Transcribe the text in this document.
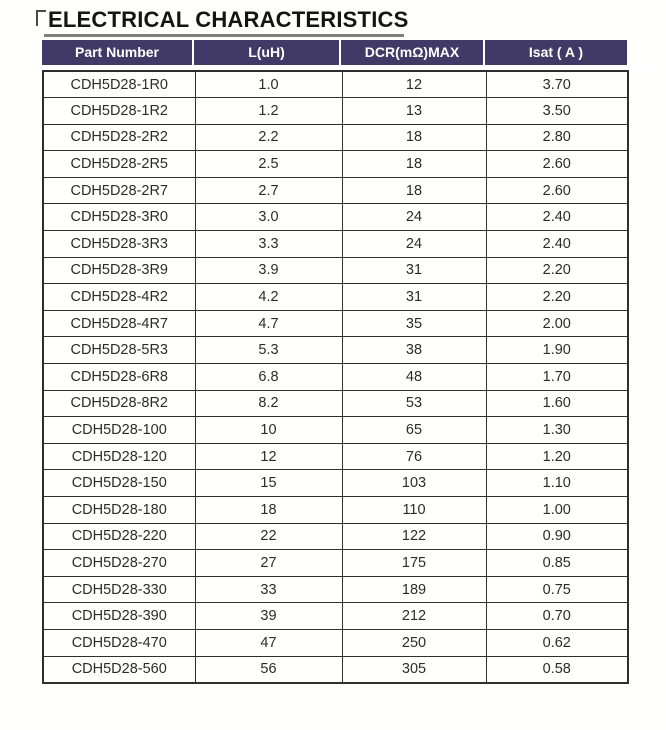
ELECTRICAL CHARACTERISTICS
Part Number	L(uH)	DCR(mΩ)MAX	Isat ( A )
CDH5D28-1R0	1.0	12	3.70
CDH5D28-1R2	1.2	13	3.50
CDH5D28-2R2	2.2	18	2.80
CDH5D28-2R5	2.5	18	2.60
CDH5D28-2R7	2.7	18	2.60
CDH5D28-3R0	3.0	24	2.40
CDH5D28-3R3	3.3	24	2.40
CDH5D28-3R9	3.9	31	2.20
CDH5D28-4R2	4.2	31	2.20
CDH5D28-4R7	4.7	35	2.00
CDH5D28-5R3	5.3	38	1.90
CDH5D28-6R8	6.8	48	1.70
CDH5D28-8R2	8.2	53	1.60
CDH5D28-100	10	65	1.30
CDH5D28-120	12	76	1.20
CDH5D28-150	15	103	1.10
CDH5D28-180	18	110	1.00
CDH5D28-220	22	122	0.90
CDH5D28-270	27	175	0.85
CDH5D28-330	33	189	0.75
CDH5D28-390	39	212	0.70
CDH5D28-470	47	250	0.62
CDH5D28-560	56	305	0.58
